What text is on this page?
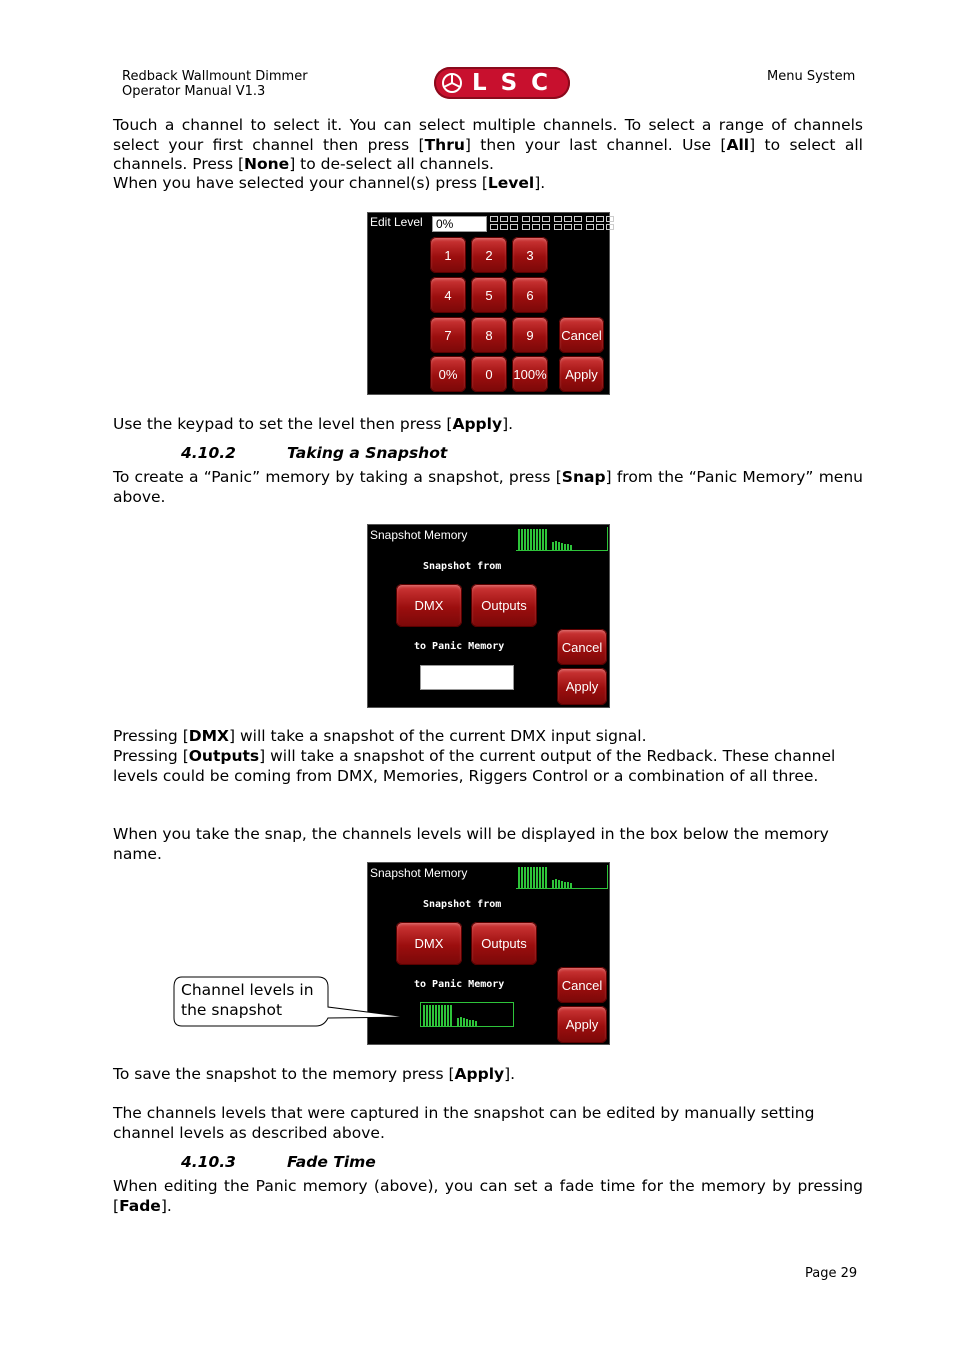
Redback Wallmount Dimmer
Operator Manual V1.3	LSC	Menu System
Touch a channel to select it. You can select multiple channels. To select a range of channels select your first channel then press [Thru] then your last channel. Use [All] to select all channels. Press [None] to de-select all channels.
When you have selected your channel(s) press [Level].
Edit Level 0%
1	2	3
4	5	6
7	8	9
0%	0	100%
Cancel
Apply
Use the keypad to set the level then press [Apply].
4.10.2	Taking a Snapshot
To create a “Panic” memory by taking a snapshot, press [Snap] from the “Panic Memory” menu above.
Snapshot Memory
Snapshot from
DMX	Outputs
to Panic Memory	Cancel
Apply
Pressing [DMX] will take a snapshot of the current DMX input signal.
Pressing [Outputs] will take a snapshot of the current output of the Redback. These channel levels could be coming from DMX, Memories, Riggers Control or a combination of all three.
When you take the snap, the channels levels will be displayed in the box below the memory name.
Snapshot Memory
Snapshot from
DMX	Outputs
to Panic Memory	Cancel
Apply
Channel levels in
the snapshot
To save the snapshot to the memory press [Apply].
The channels levels that were captured in the snapshot can be edited by manually setting channel levels as described above.
4.10.3	Fade Time
When editing the Panic memory (above), you can set a fade time for the memory by pressing [Fade].
Page 29
